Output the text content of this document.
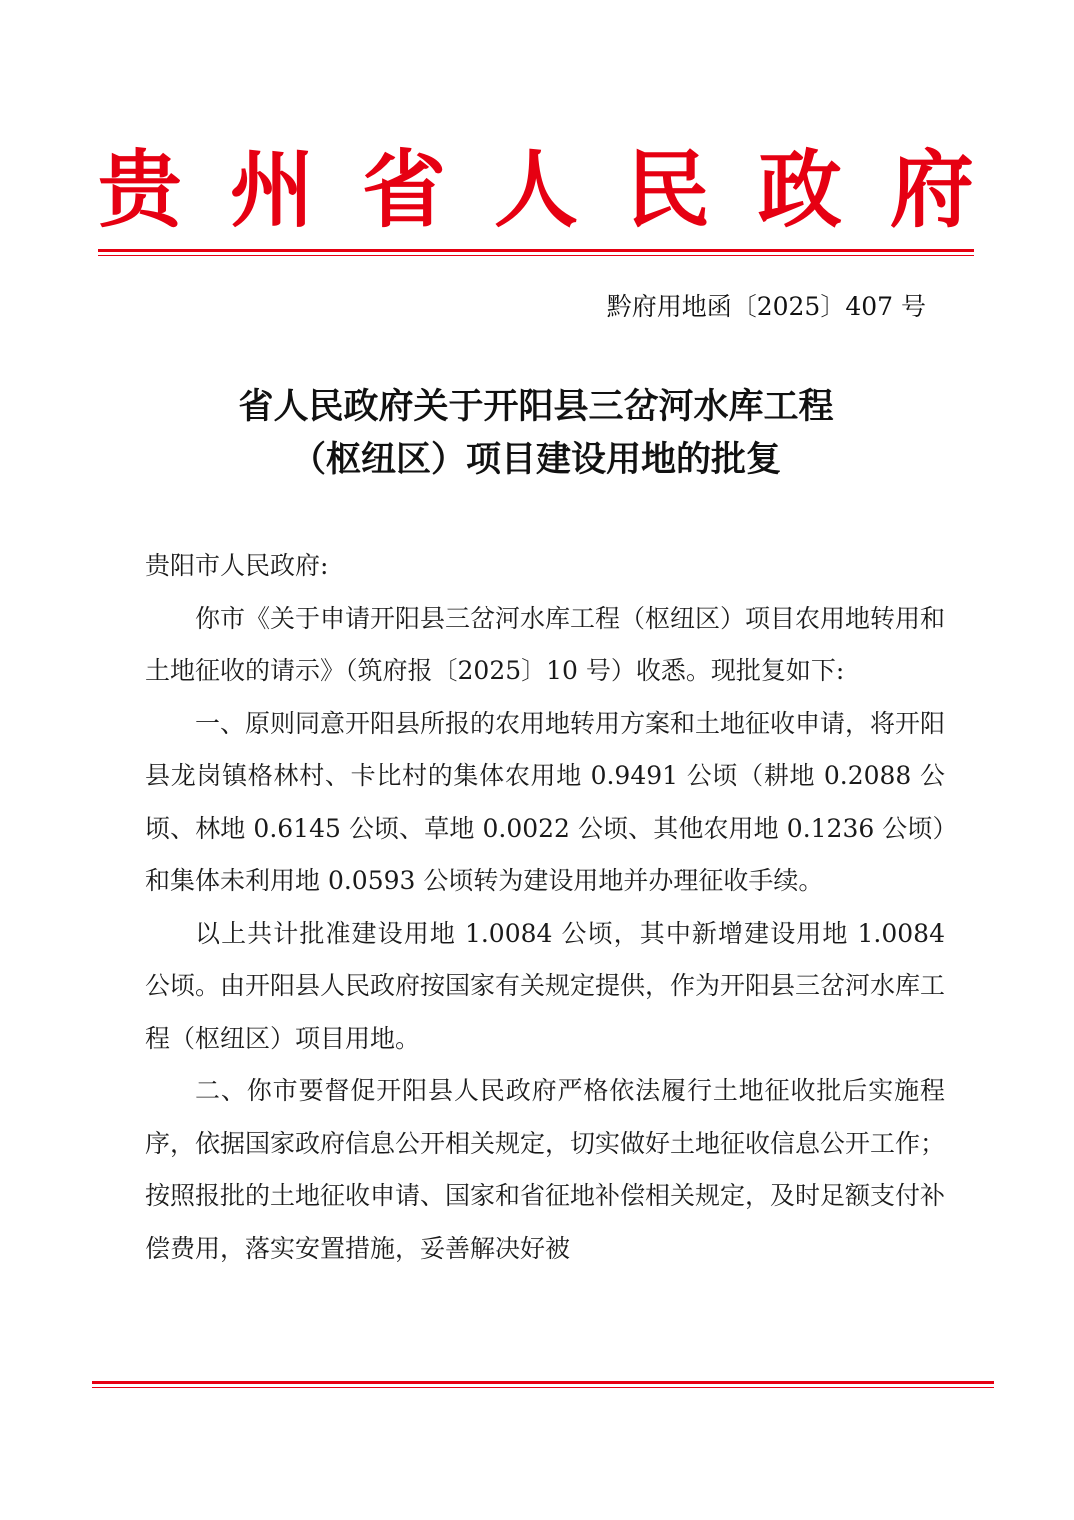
贵 州 省 人 民 政 府
黔府用地函〔2025〕407 号
省人民政府关于开阳县三岔河水库工程
（枢纽区）项目建设用地的批复

贵阳市人民政府:

你市《关于申请开阳县三岔河水库工程（枢纽区）项目农用地转用和土地征收的请示》（筑府报〔2025〕10 号）收悉。现批复如下:

一、原则同意开阳县所报的农用地转用方案和土地征收申请，将开阳县龙岗镇格林村、卡比村的集体农用地 0.9491 公顷（耕地 0.2088 公顷、林地 0.6145 公顷、草地 0.0022 公顷、其他农用地 0.1236 公顷）和集体未利用地 0.0593 公顷转为建设用地并办理征收手续。

以上共计批准建设用地 1.0084 公顷，其中新增建设用地 1.0084 公顷。由开阳县人民政府按国家有关规定提供，作为开阳县三岔河水库工程（枢纽区）项目用地。

二、你市要督促开阳县人民政府严格依法履行土地征收批后实施程序，依据国家政府信息公开相关规定，切实做好土地征收信息公开工作；按照报批的土地征收申请、国家和省征地补偿相关规定，及时足额支付补偿费用，落实安置措施，妥善解决好被
